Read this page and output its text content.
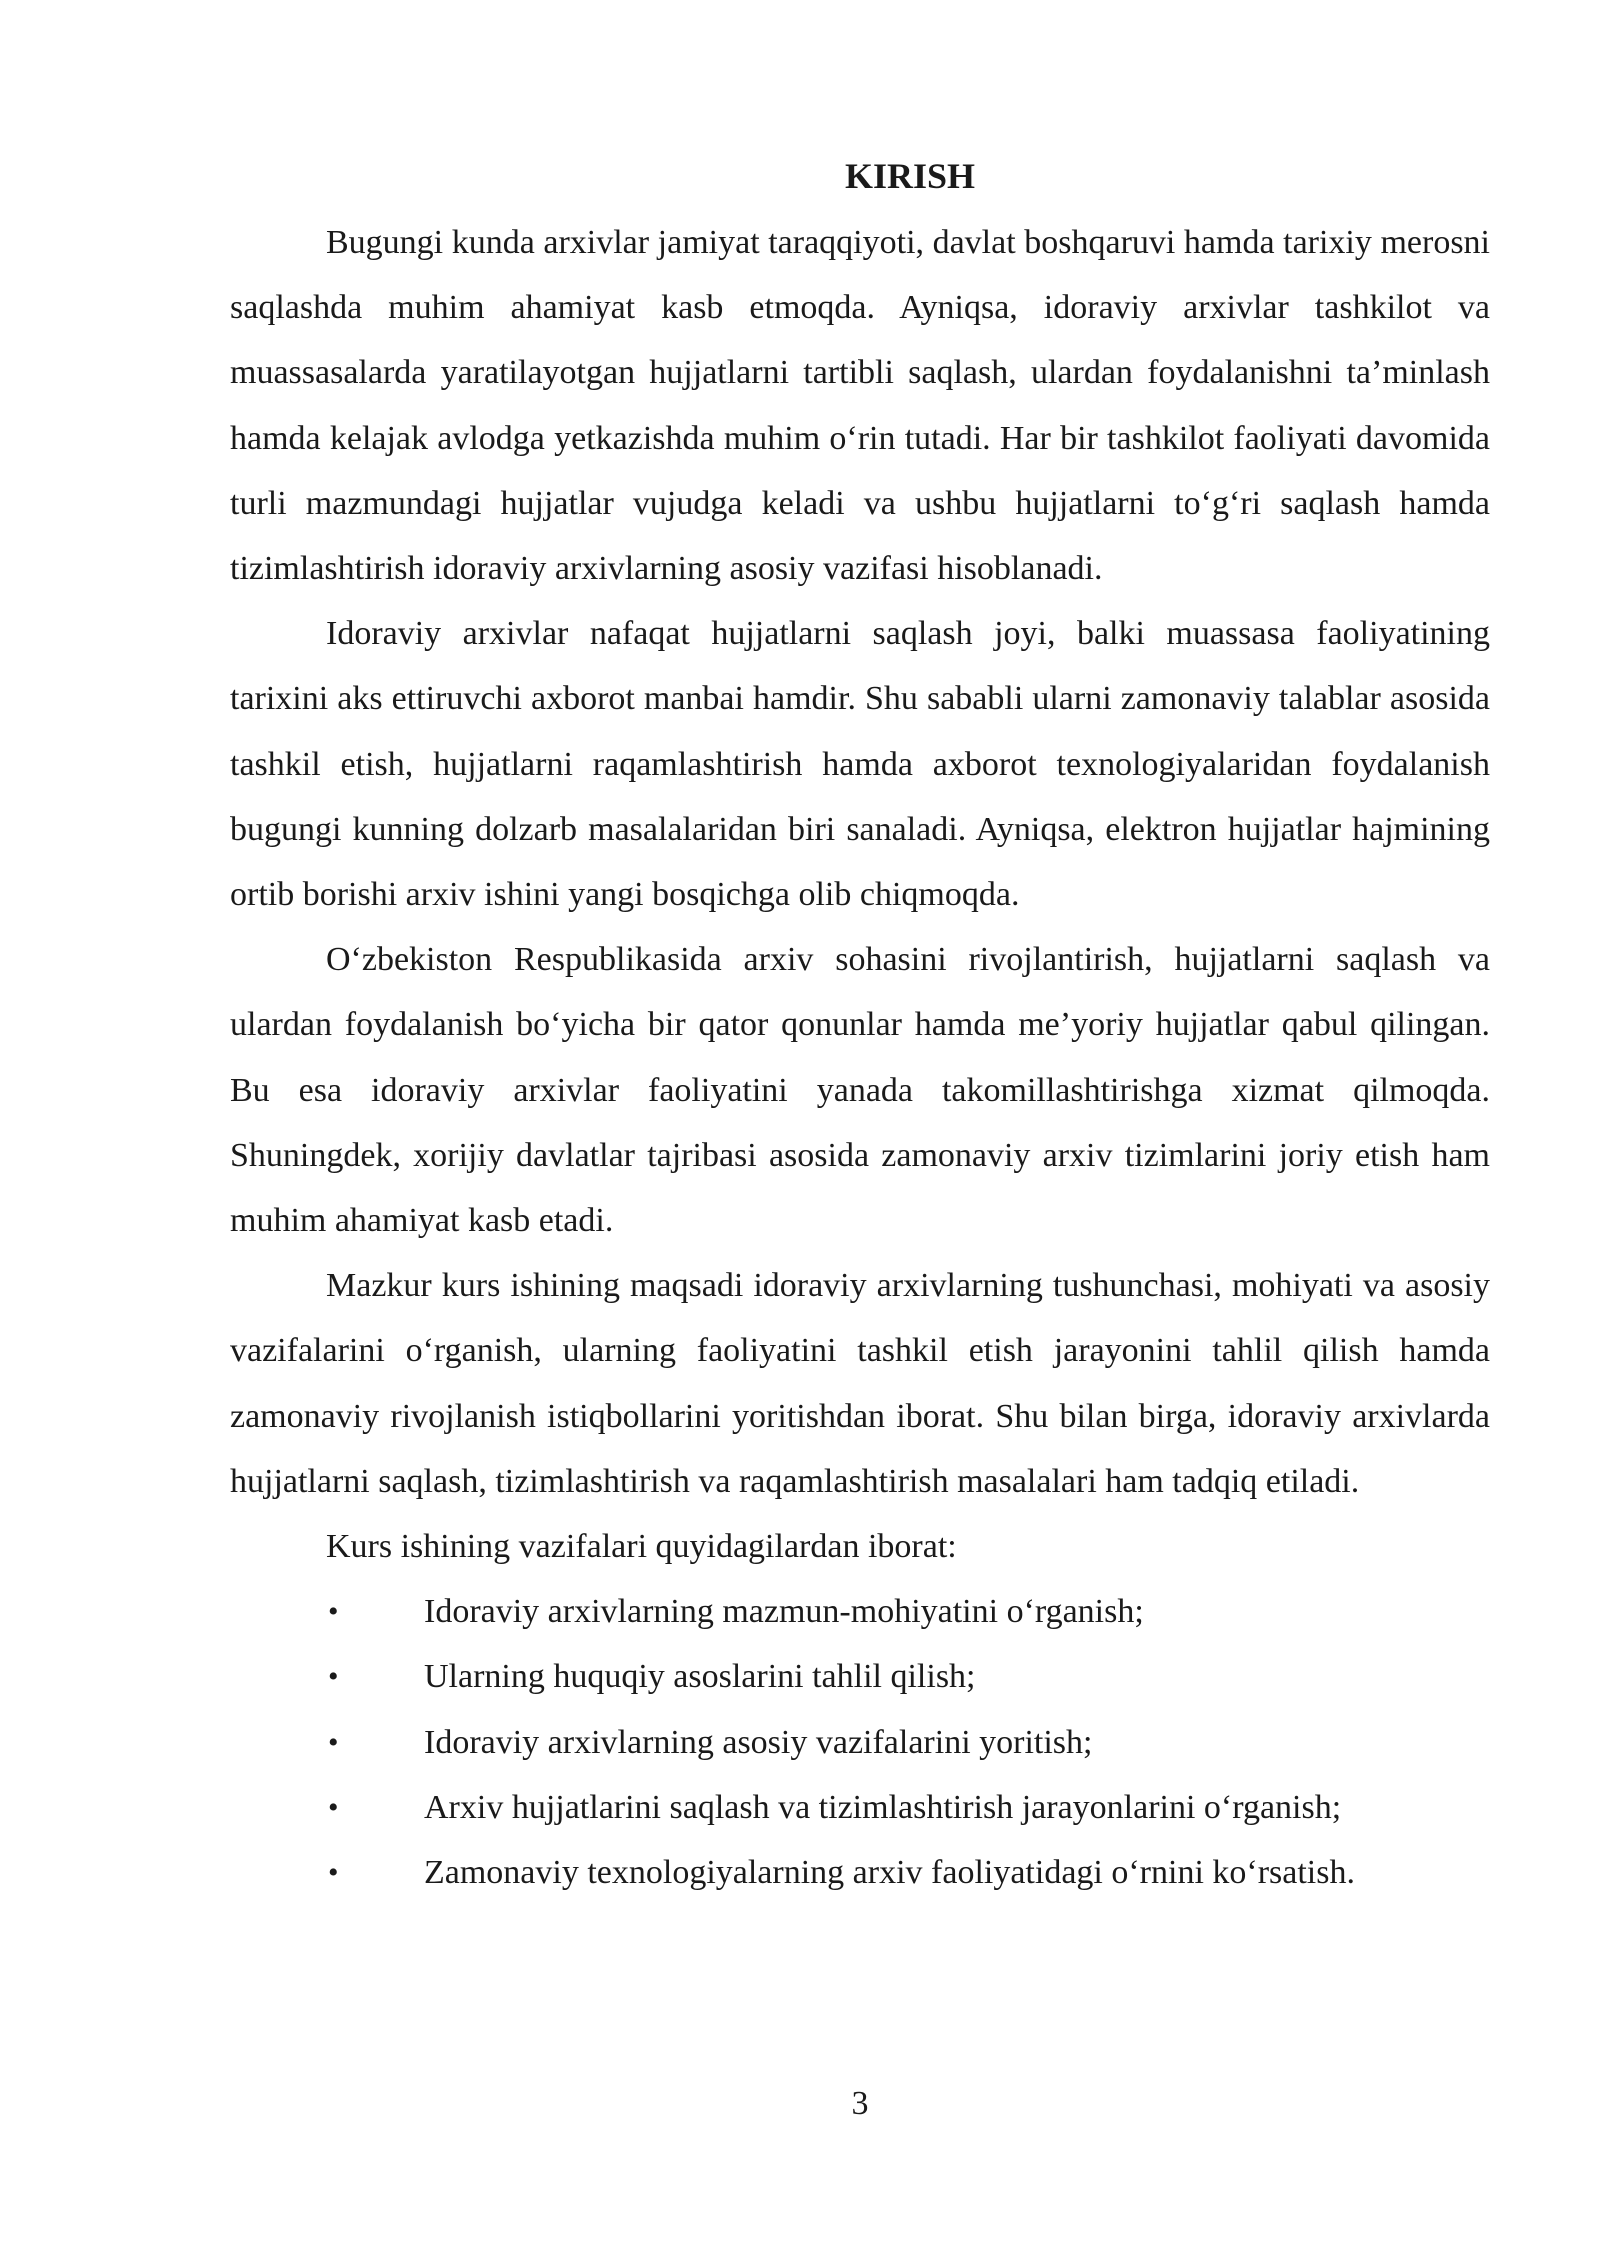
KIRISH

Bugungi kunda arxivlar jamiyat taraqqiyoti, davlat boshqaruvi hamda tarixiy merosni saqlashda muhim ahamiyat kasb etmoqda. Ayniqsa, idoraviy arxivlar tashkilot va muassasalarda yaratilayotgan hujjatlarni tartibli saqlash, ulardan foydalanishni ta’minlash hamda kelajak avlodga yetkazishda muhim o‘rin tutadi. Har bir tashkilot faoliyati davomida turli mazmundagi hujjatlar vujudga keladi va ushbu hujjatlarni to‘g‘ri saqlash hamda tizimlashtirish idoraviy arxivlarning asosiy vazifasi hisoblanadi.

Idoraviy arxivlar nafaqat hujjatlarni saqlash joyi, balki muassasa faoliyatining tarixini aks ettiruvchi axborot manbai hamdir. Shu sababli ularni zamonaviy talablar asosida tashkil etish, hujjatlarni raqamlashtirish hamda axborot texnologiyalaridan foydalanish bugungi kunning dolzarb masalalaridan biri sanaladi. Ayniqsa, elektron hujjatlar hajmining ortib borishi arxiv ishini yangi bosqichga olib chiqmoqda.

O‘zbekiston Respublikasida arxiv sohasini rivojlantirish, hujjatlarni saqlash va ulardan foydalanish bo‘yicha bir qator qonunlar hamda me’yoriy hujjatlar qabul qilingan. Bu esa idoraviy arxivlar faoliyatini yanada takomillashtirishga xizmat qilmoqda. Shuningdek, xorijiy davlatlar tajribasi asosida zamonaviy arxiv tizimlarini joriy etish ham muhim ahamiyat kasb etadi.

Mazkur kurs ishining maqsadi idoraviy arxivlarning tushunchasi, mohiyati va asosiy vazifalarini o‘rganish, ularning faoliyatini tashkil etish jarayonini tahlil qilish hamda zamonaviy rivojlanish istiqbollarini yoritishdan iborat. Shu bilan birga, idoraviy arxivlarda hujjatlarni saqlash, tizimlashtirish va raqamlashtirish masalalari ham tadqiq etiladi.

Kurs ishining vazifalari quyidagilardan iborat:

•	Idoraviy arxivlarning mazmun-mohiyatini o‘rganish;
•	Ularning huquqiy asoslarini tahlil qilish;
•	Idoraviy arxivlarning asosiy vazifalarini yoritish;
•	Arxiv hujjatlarini saqlash va tizimlashtirish jarayonlarini o‘rganish;
•	Zamonaviy texnologiyalarning arxiv faoliyatidagi o‘rnini ko‘rsatish.
3
